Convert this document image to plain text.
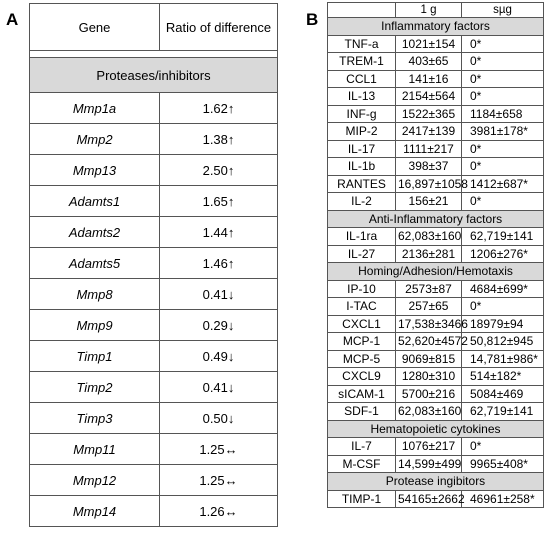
A	B
Gene	Ratio of difference

Proteases/inhibitors	
Mmp1a	1.62↑
Mmp2	1.38↑
Mmp13	2.50↑
Adamts1	1.65↑
Adamts2	1.44↑
Adamts5	1.46↑
Mmp8	0.41↓
Mmp9	0.29↓
Timp1	0.49↓
Timp2	0.41↓
Timp3	0.50↓
Mmp11	1.25↔
Mmp12	1.25↔
Mmp14	1.26↔
	1 g	sµg
Inflammatory factors		
TNF-a	1021±154	0*
TREM-1	403±65	0*
CCL1	141±16	0*
IL-13	2154±564	0*
INF-g	1522±365	1184±658
MIP-2	2417±139	3981±178*
IL-17	1111±217	0*
IL-1b	398±37	0*
RANTES	16,897±1058	1412±687*
IL-2	156±21	0*
Anti-Inflammatory factors		
IL-1ra	62,083±160	62,719±141
IL-27	2136±281	1206±276*
Homing/Adhesion/Hemotaxis		
IP-10	2573±87	4684±699*
I-TAC	257±65	0*
CXCL1	17,538±3466	18979±94
MCP-1	52,620±4572	50,812±945
MCP-5	9069±815	14,781±986*
CXCL9	1280±310	514±182*
sICAM-1	5700±216	5084±469
SDF-1	62,083±160	62,719±141
Hematopoietic cytokines		
IL-7	1076±217	0*
M-CSF	14,599±499	9965±408*
Protease ingibitors		
TIMP-1	54165±2662	46961±258*
